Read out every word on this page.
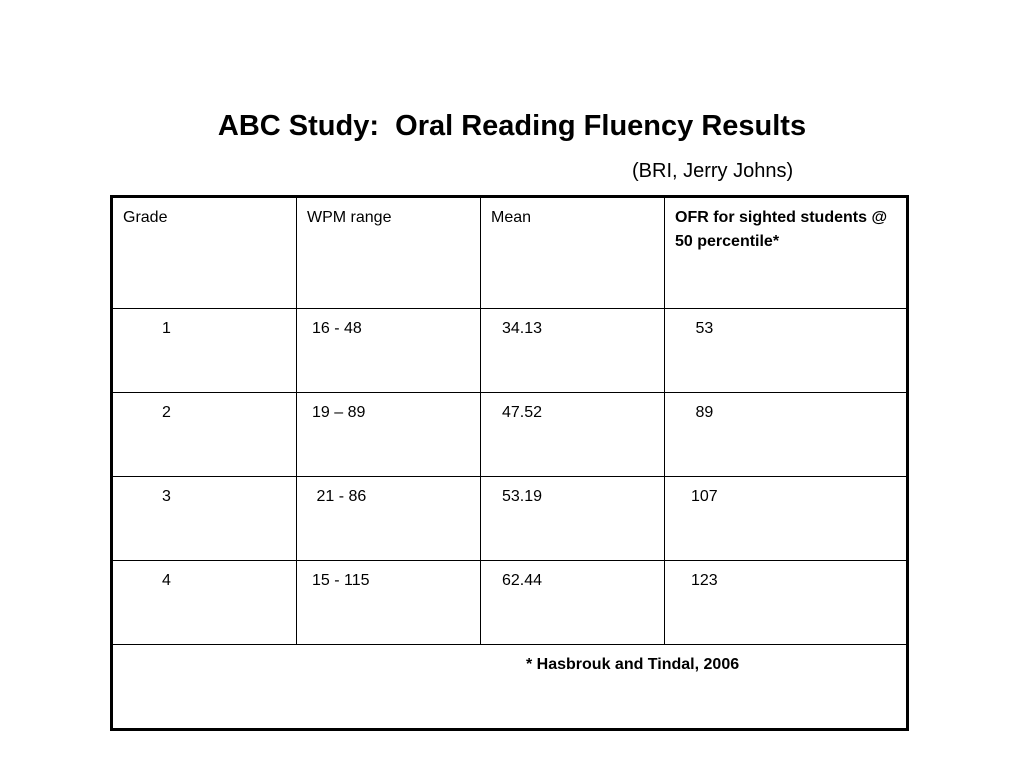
ABC Study:  Oral Reading Fluency Results
(BRI, Jerry Johns)
Grade	WPM range	Mean	OFR for sighted students @ 50 percentile*
1	16 - 48	34.13	53
2	19 – 89	47.52	89
3	21 - 86	53.19	107
4	15 - 115	62.44	123
* Hasbrouk and Tindal, 2006			
